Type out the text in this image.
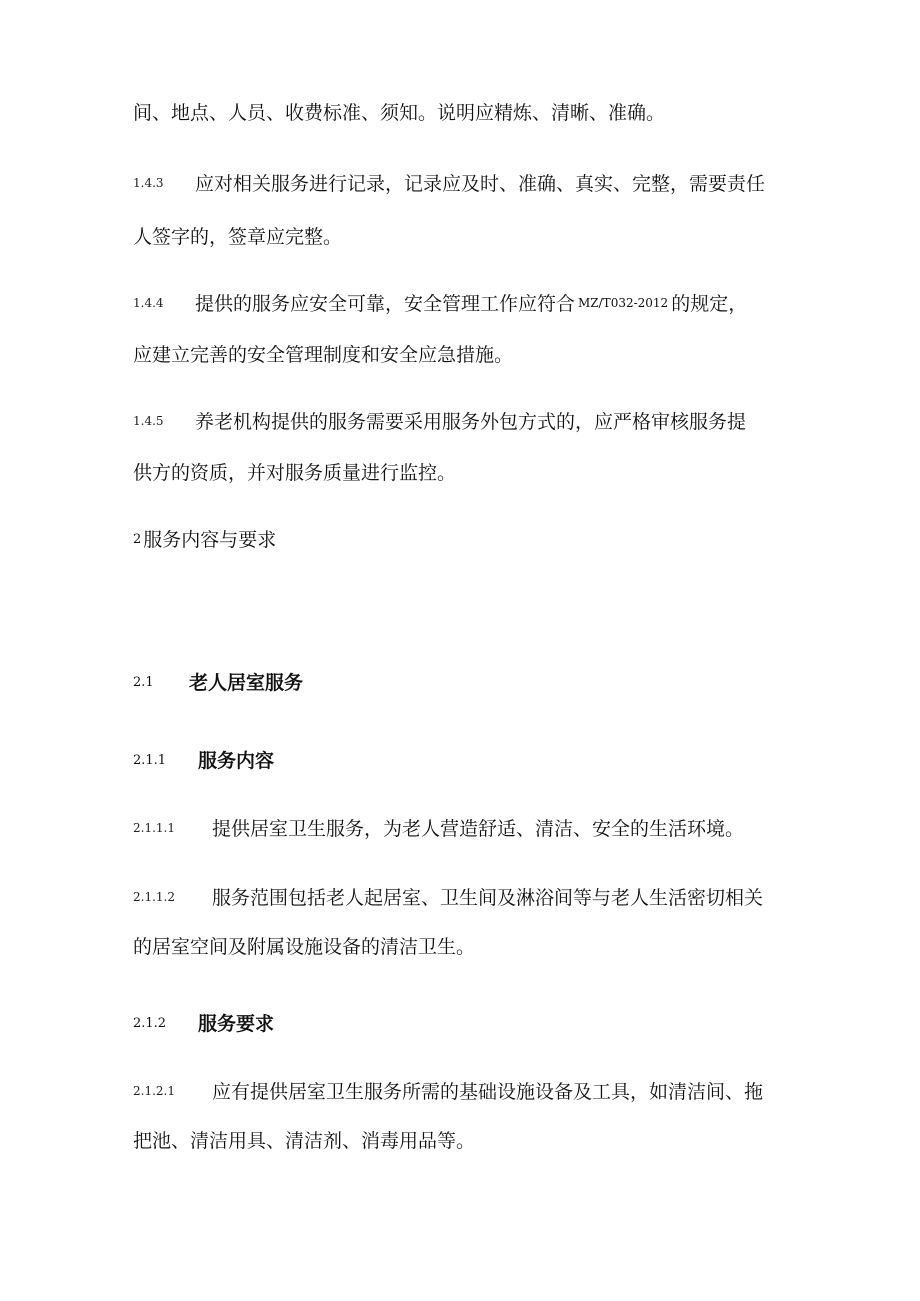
间、地点、人员、收费标准、须知。说明应精炼、清晰、准确。
1.4.3 应对相关服务进行记录，记录应及时、准确、真实、完整，需要责任
人签字的，签章应完整。
1.4.4 提供的服务应安全可靠，安全管理工作应符合 MZ/T032-2012 的规定，
应建立完善的安全管理制度和安全应急措施。
1.4.5 养老机构提供的服务需要采用服务外包方式的，应严格审核服务提
供方的资质，并对服务质量进行监控。
2 服务内容与要求
2.1 老人居室服务
2.1.1 服务内容
2.1.1.1 提供居室卫生服务，为老人营造舒适、清洁、安全的生活环境。
2.1.1.2 服务范围包括老人起居室、卫生间及淋浴间等与老人生活密切相关
的居室空间及附属设施设备的清洁卫生。
2.1.2 服务要求
2.1.2.1 应有提供居室卫生服务所需的基础设施设备及工具，如清洁间、拖
把池、清洁用具、清洁剂、消毒用品等。
